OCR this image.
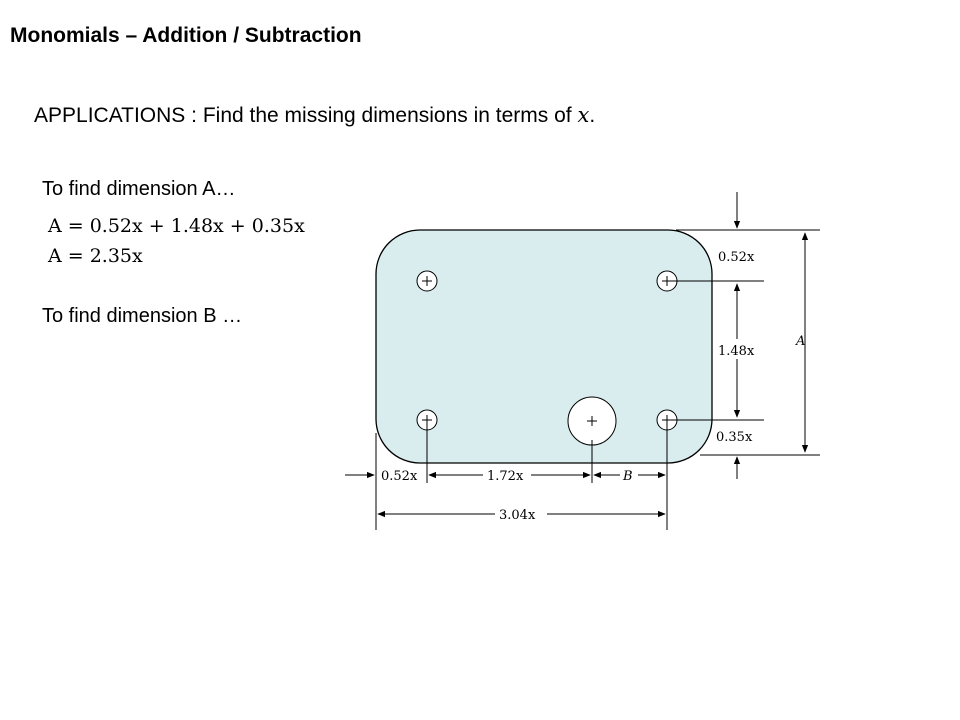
Monomials – Addition / Subtraction
APPLICATIONS : Find the missing dimensions in terms of x.
To find dimension A…
A = 0.52x + 1.48x + 0.35x
A = 2.35x
To find dimension B …
0.52x
1.48x
0.35x
A
0.52x	1.72x	B
3.04x
